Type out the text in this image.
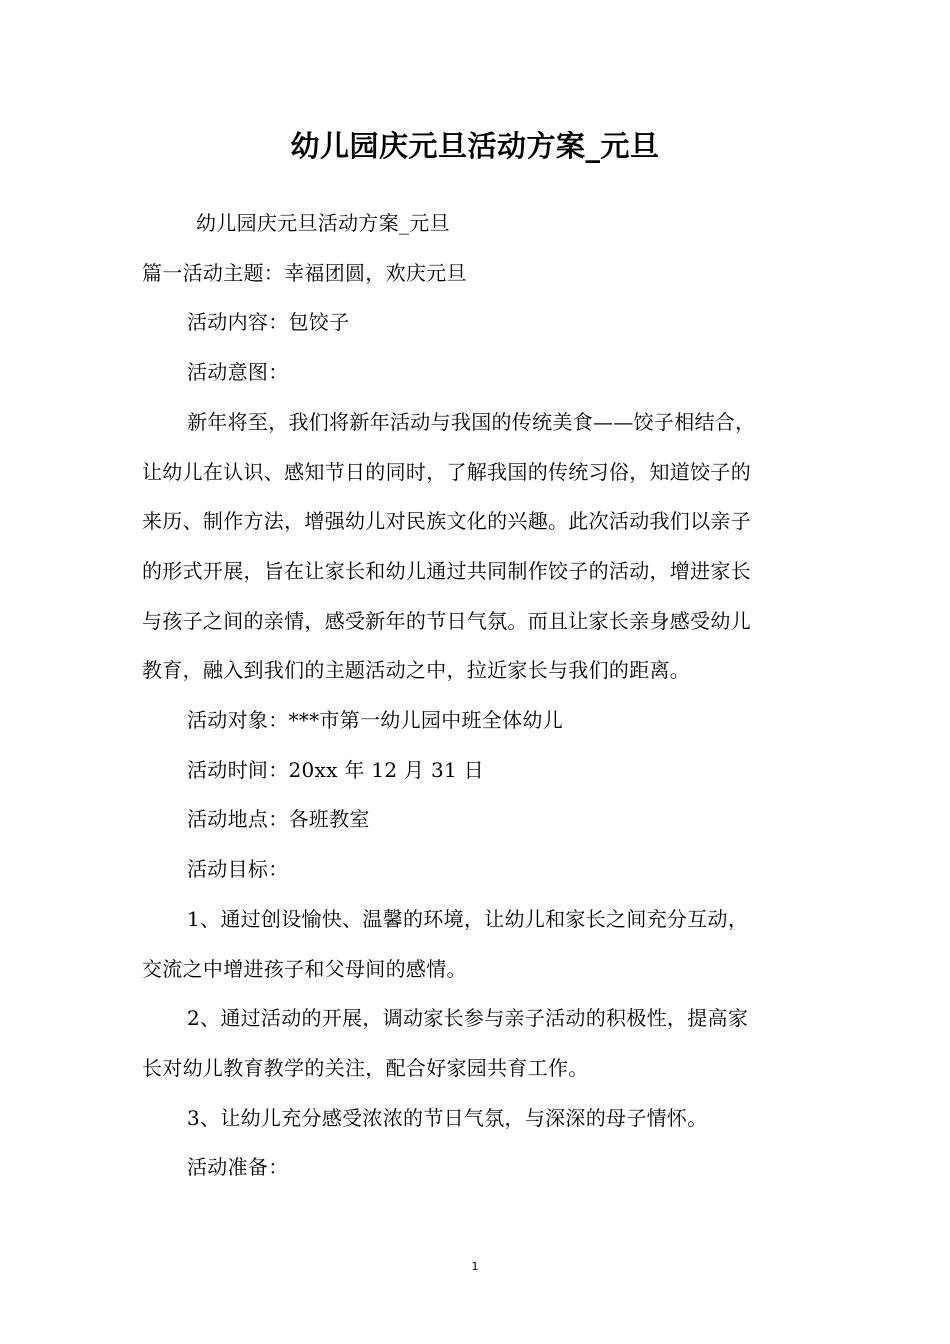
幼儿园庆元旦活动方案_元旦

幼儿园庆元旦活动方案_元旦

篇一活动主题：幸福团圆，欢庆元旦

活动内容：包饺子

活动意图：

新年将至，我们将新年活动与我国的传统美食——饺子相结合，

让幼儿在认识、感知节日的同时，了解我国的传统习俗，知道饺子的

来历、制作方法，增强幼儿对民族文化的兴趣。此次活动我们以亲子

的形式开展，旨在让家长和幼儿通过共同制作饺子的活动，增进家长

与孩子之间的亲情，感受新年的节日气氛。而且让家长亲身感受幼儿

教育，融入到我们的主题活动之中，拉近家长与我们的距离。

活动对象：***市第一幼儿园中班全体幼儿

活动时间：20xx 年 12 月 31 日

活动地点：各班教室

活动目标：

1、通过创设愉快、温馨的环境，让幼儿和家长之间充分互动，

交流之中增进孩子和父母间的感情。

2、通过活动的开展，调动家长参与亲子活动的积极性，提高家

长对幼儿教育教学的关注，配合好家园共育工作。

3、让幼儿充分感受浓浓的节日气氛，与深深的母子情怀。

活动准备：

1
